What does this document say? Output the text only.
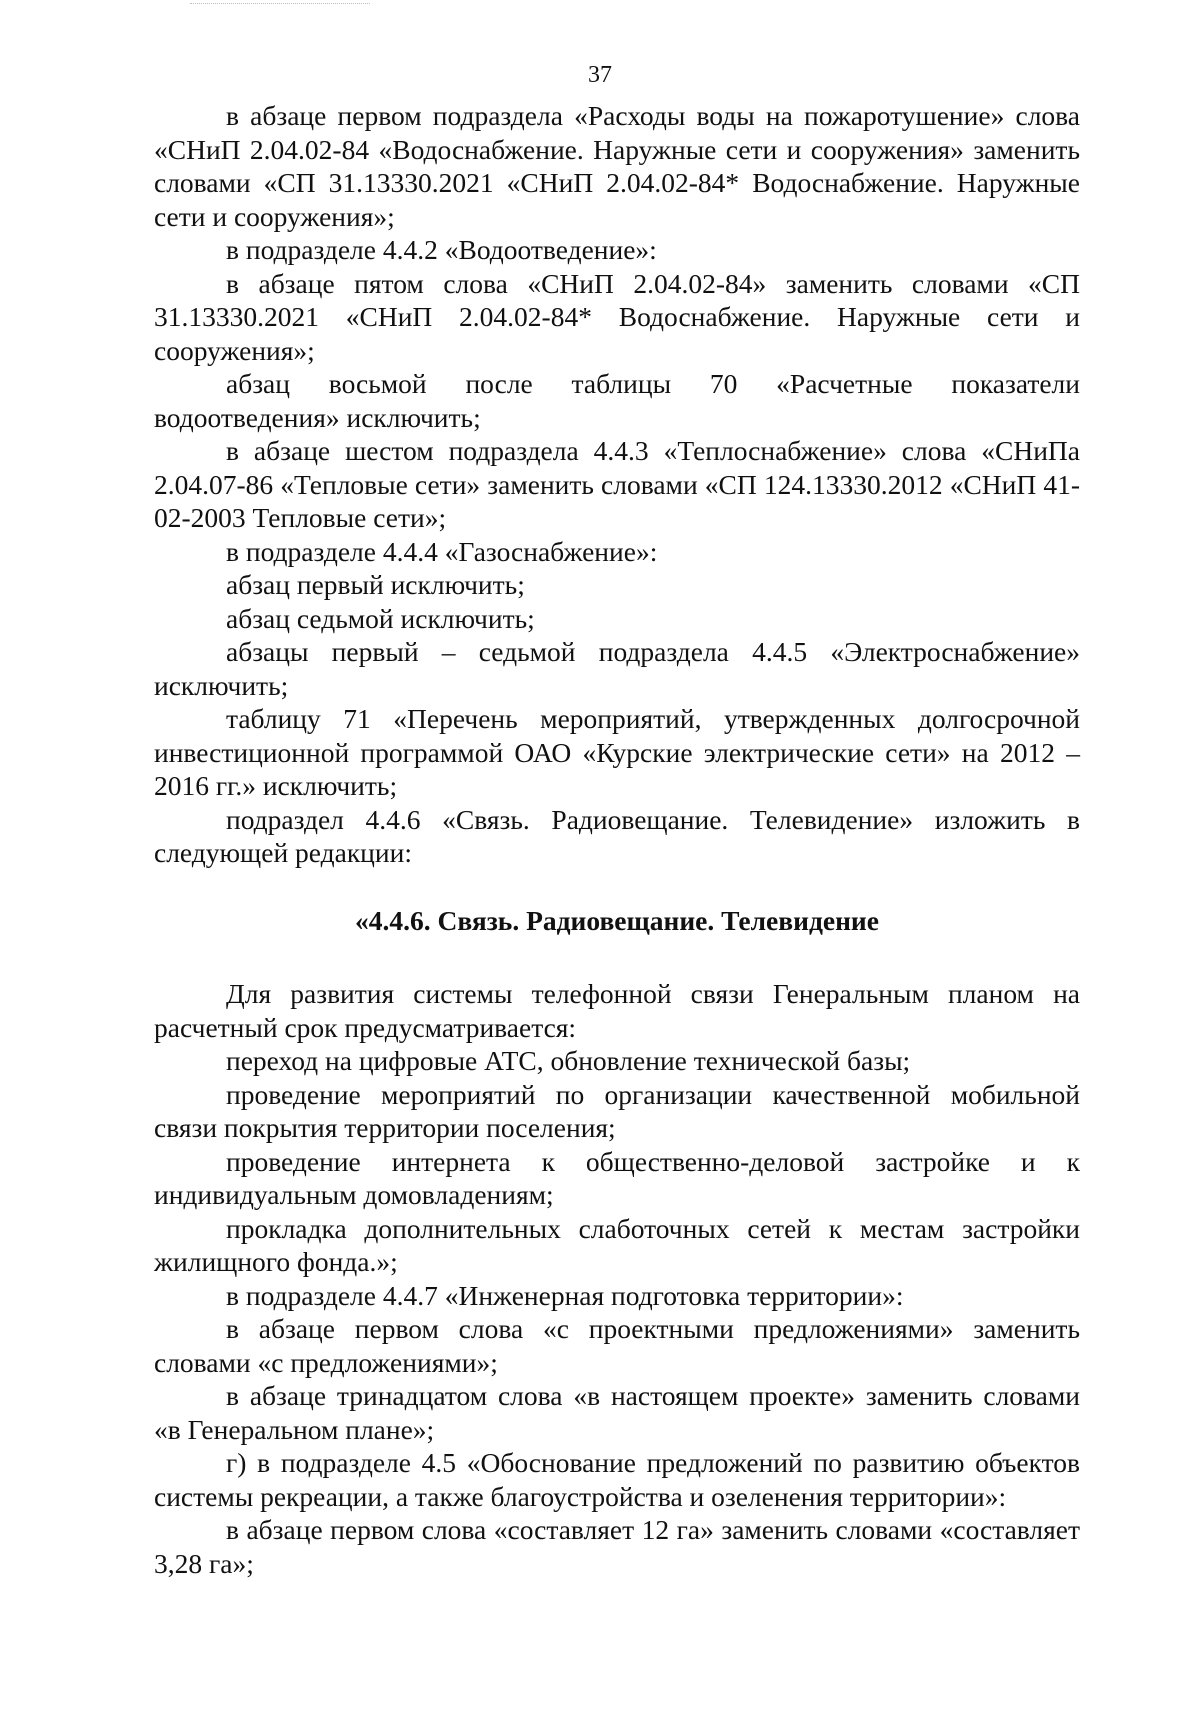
37

в абзаце первом подраздела «Расходы воды на пожаротушение» слова «СНиП 2.04.02-84 «Водоснабжение. Наружные сети и сооружения» заменить словами «СП 31.13330.2021 «СНиП 2.04.02-84* Водоснабжение. Наружные сети и сооружения»;

в подразделе 4.4.2 «Водоотведение»:

в абзаце пятом слова «СНиП 2.04.02-84» заменить словами «СП 31.13330.2021 «СНиП 2.04.02-84* Водоснабжение. Наружные сети и сооружения»;

абзац восьмой после таблицы 70 «Расчетные показатели водоотведения» исключить;

в абзаце шестом подраздела 4.4.3 «Теплоснабжение» слова «СНиПа 2.04.07-86 «Тепловые сети» заменить словами «СП 124.13330.2012 «СНиП 41-02-2003 Тепловые сети»;

в подразделе 4.4.4 «Газоснабжение»:

абзац первый исключить;

абзац седьмой исключить;

абзацы первый – седьмой подраздела 4.4.5 «Электроснабжение» исключить;

таблицу 71 «Перечень мероприятий, утвержденных долгосрочной инвестиционной программой ОАО «Курские электрические сети» на 2012 – 2016 гг.» исключить;

подраздел 4.4.6 «Связь. Радиовещание. Телевидение» изложить в следующей редакции:

«4.4.6. Связь. Радиовещание. Телевидение

Для развития системы телефонной связи Генеральным планом на расчетный срок предусматривается:

переход на цифровые АТС, обновление технической базы;

проведение мероприятий по организации качественной мобильной связи покрытия территории поселения;

проведение интернета к общественно-деловой застройке и к индивидуальным домовладениям;

прокладка дополнительных слаботочных сетей к местам застройки жилищного фонда.»;

в подразделе 4.4.7 «Инженерная подготовка территории»:

в абзаце первом слова «с проектными предложениями» заменить словами «с предложениями»;

в абзаце тринадцатом слова «в настоящем проекте» заменить словами «в Генеральном плане»;

г) в подразделе 4.5 «Обоснование предложений по развитию объектов системы рекреации, а также благоустройства и озеленения территории»:

в абзаце первом слова «составляет 12 га» заменить словами «составляет 3,28 га»;
